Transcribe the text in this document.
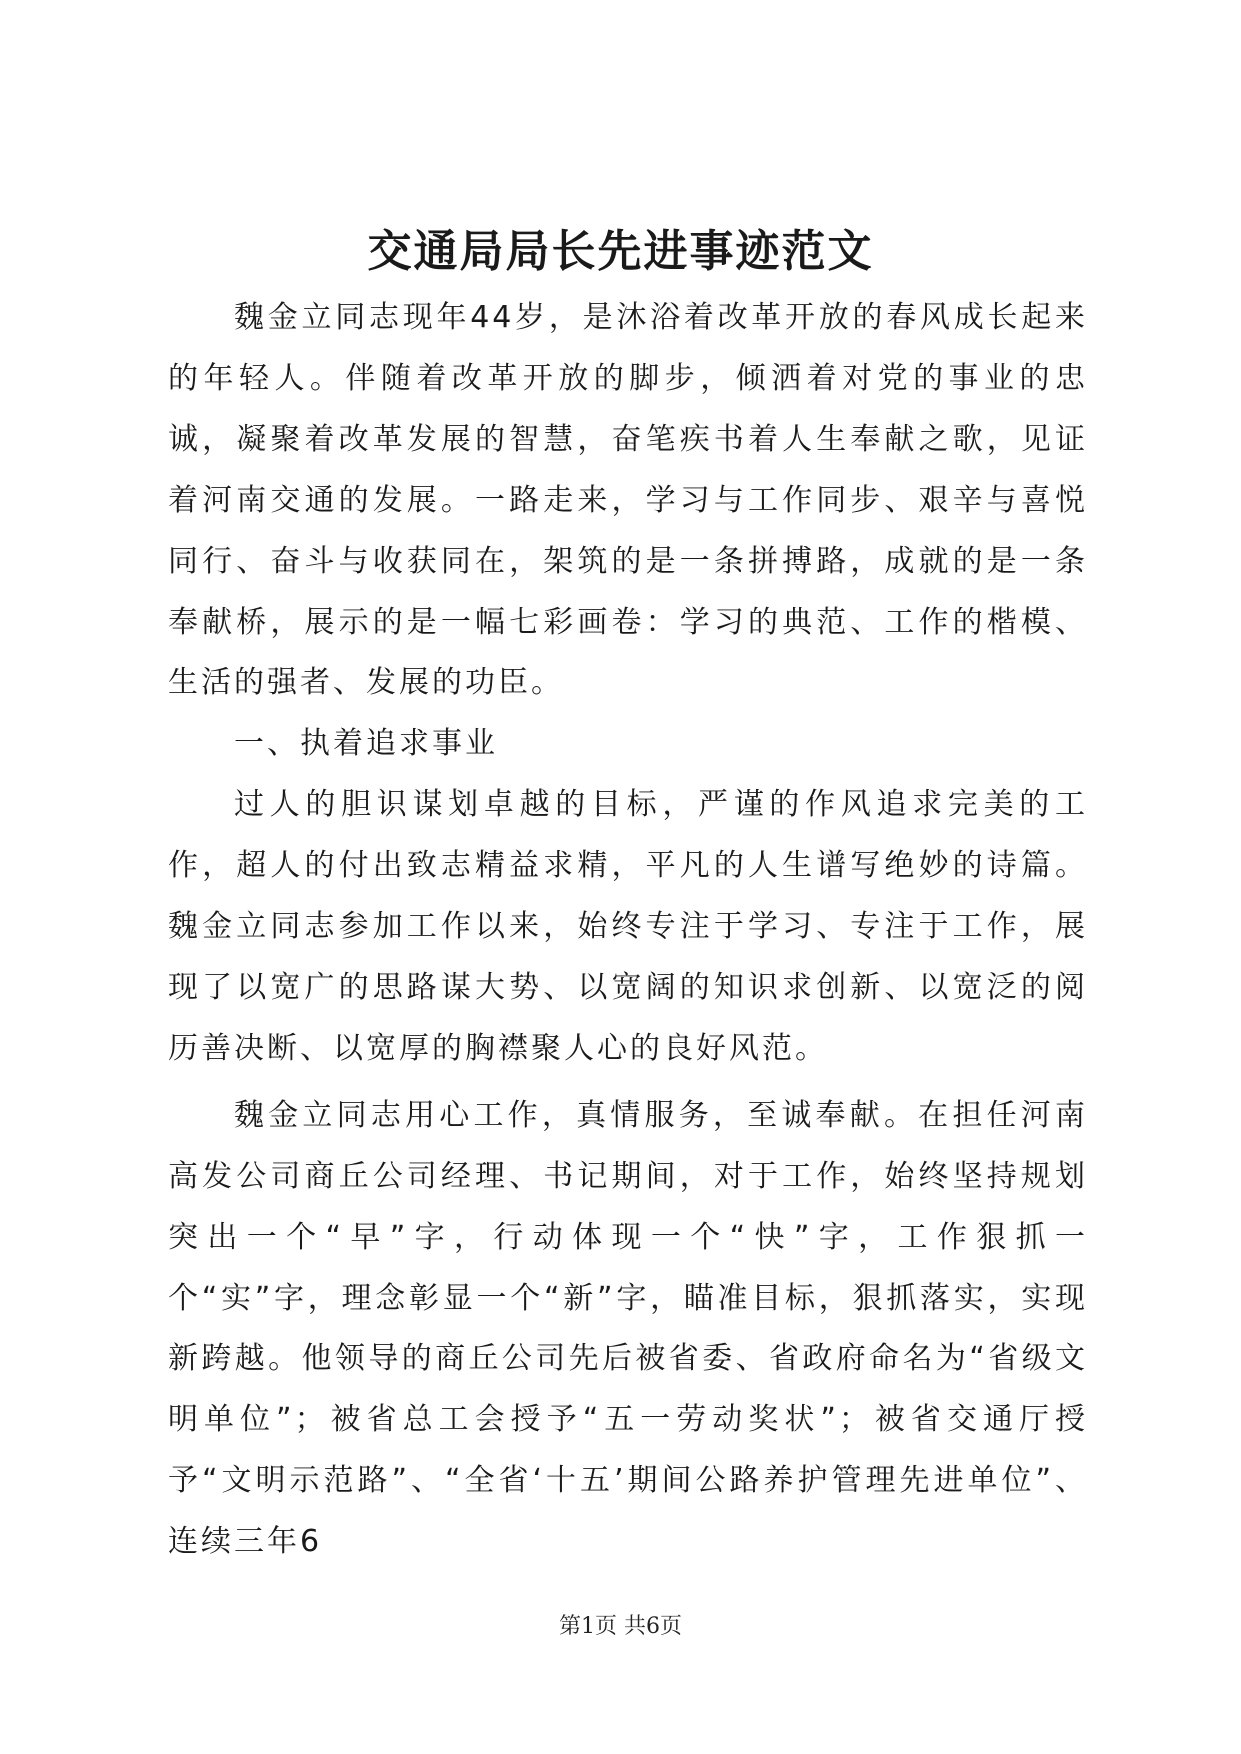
交通局局长先进事迹范文

魏金立同志现年44岁，是沐浴着改革开放的春风成长起来的年轻人。伴随着改革开放的脚步，倾洒着对党的事业的忠诚，凝聚着改革发展的智慧，奋笔疾书着人生奉献之歌，见证着河南交通的发展。一路走来，学习与工作同步、艰辛与喜悦同行、奋斗与收获同在，架筑的是一条拼搏路，成就的是一条奉献桥，展示的是一幅七彩画卷：学习的典范、工作的楷模、生活的强者、发展的功臣。

一、执着追求事业

过人的胆识谋划卓越的目标，严谨的作风追求完美的工作，超人的付出致志精益求精，平凡的人生谱写绝妙的诗篇。魏金立同志参加工作以来，始终专注于学习、专注于工作，展现了以宽广的思路谋大势、以宽阔的知识求创新、以宽泛的阅历善决断、以宽厚的胸襟聚人心的良好风范。

魏金立同志用心工作，真情服务，至诚奉献。在担任河南高发公司商丘公司经理、书记期间，对于工作，始终坚持规划突出一个“早”字，行动体现一个“快”字，工作狠抓一个“实”字，理念彰显一个“新”字，瞄准目标，狠抓落实，实现新跨越。他领导的商丘公司先后被省委、省政府命名为“省级文明单位”；被省总工会授予“五一劳动奖状”；被省交通厅授予“文明示范路”、“全省‘十五’期间公路养护管理先进单位”、连续三年6

第1页 共6页
